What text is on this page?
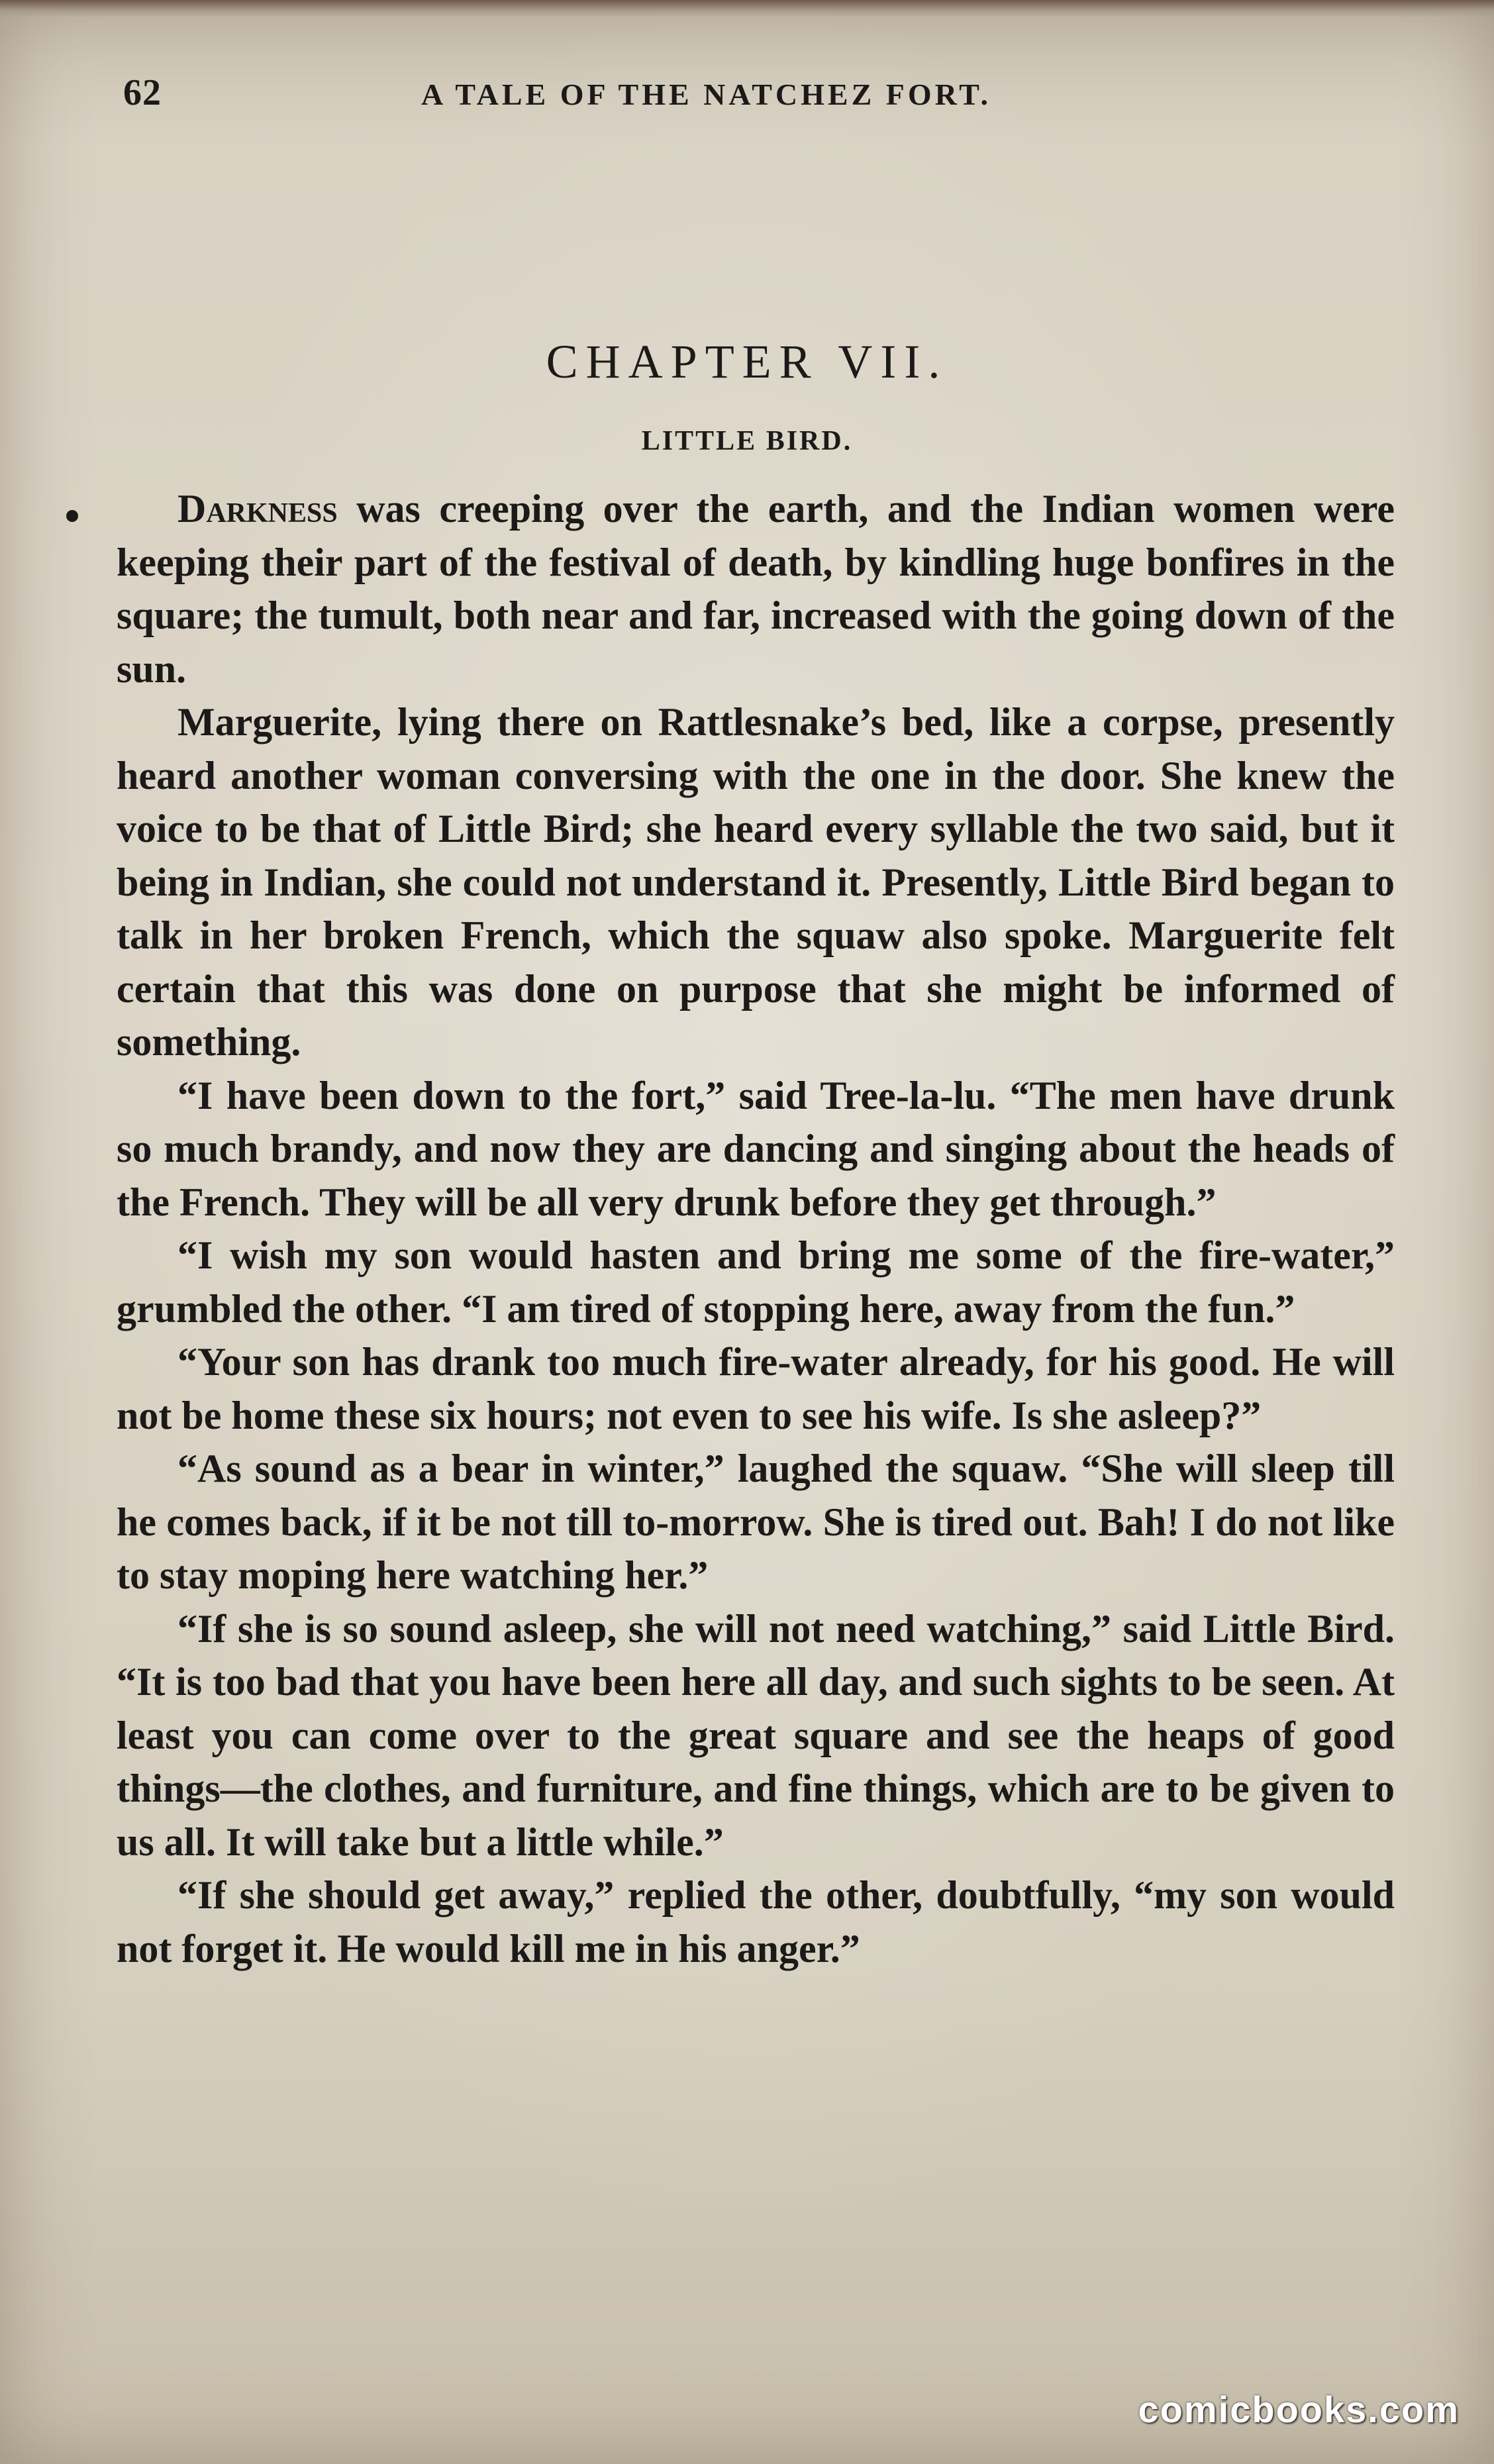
62	A TALE OF THE NATCHEZ FORT.
CHAPTER VII.
LITTLE BIRD.

Darkness was creeping over the earth, and the Indian women were keeping their part of the festival of death, by kindling huge bonfires in the square; the tumult, both near and far, increased with the going down of the sun.

Marguerite, lying there on Rattlesnake’s bed, like a corpse, presently heard another woman conversing with the one in the door. She knew the voice to be that of Little Bird; she heard every syllable the two said, but it being in Indian, she could not understand it. Presently, Little Bird began to talk in her broken French, which the squaw also spoke. Marguerite felt certain that this was done on purpose that she might be informed of something.

“I have been down to the fort,” said Tree-la-lu. “The men have drunk so much brandy, and now they are dancing and singing about the heads of the French. They will be all very drunk before they get through.”

“I wish my son would hasten and bring me some of the fire-water,” grumbled the other. “I am tired of stopping here, away from the fun.”

“Your son has drank too much fire-water already, for his good. He will not be home these six hours; not even to see his wife. Is she asleep?”

“As sound as a bear in winter,” laughed the squaw. “She will sleep till he comes back, if it be not till to-morrow. She is tired out. Bah! I do not like to stay moping here watching her.”

“If she is so sound asleep, she will not need watching,” said Little Bird. “It is too bad that you have been here all day, and such sights to be seen. At least you can come over to the great square and see the heaps of good things—the clothes, and furniture, and fine things, which are to be given to us all. It will take but a little while.”

“If she should get away,” replied the other, doubtfully, “my son would not forget it. He would kill me in his anger.”

comicbooks.com
